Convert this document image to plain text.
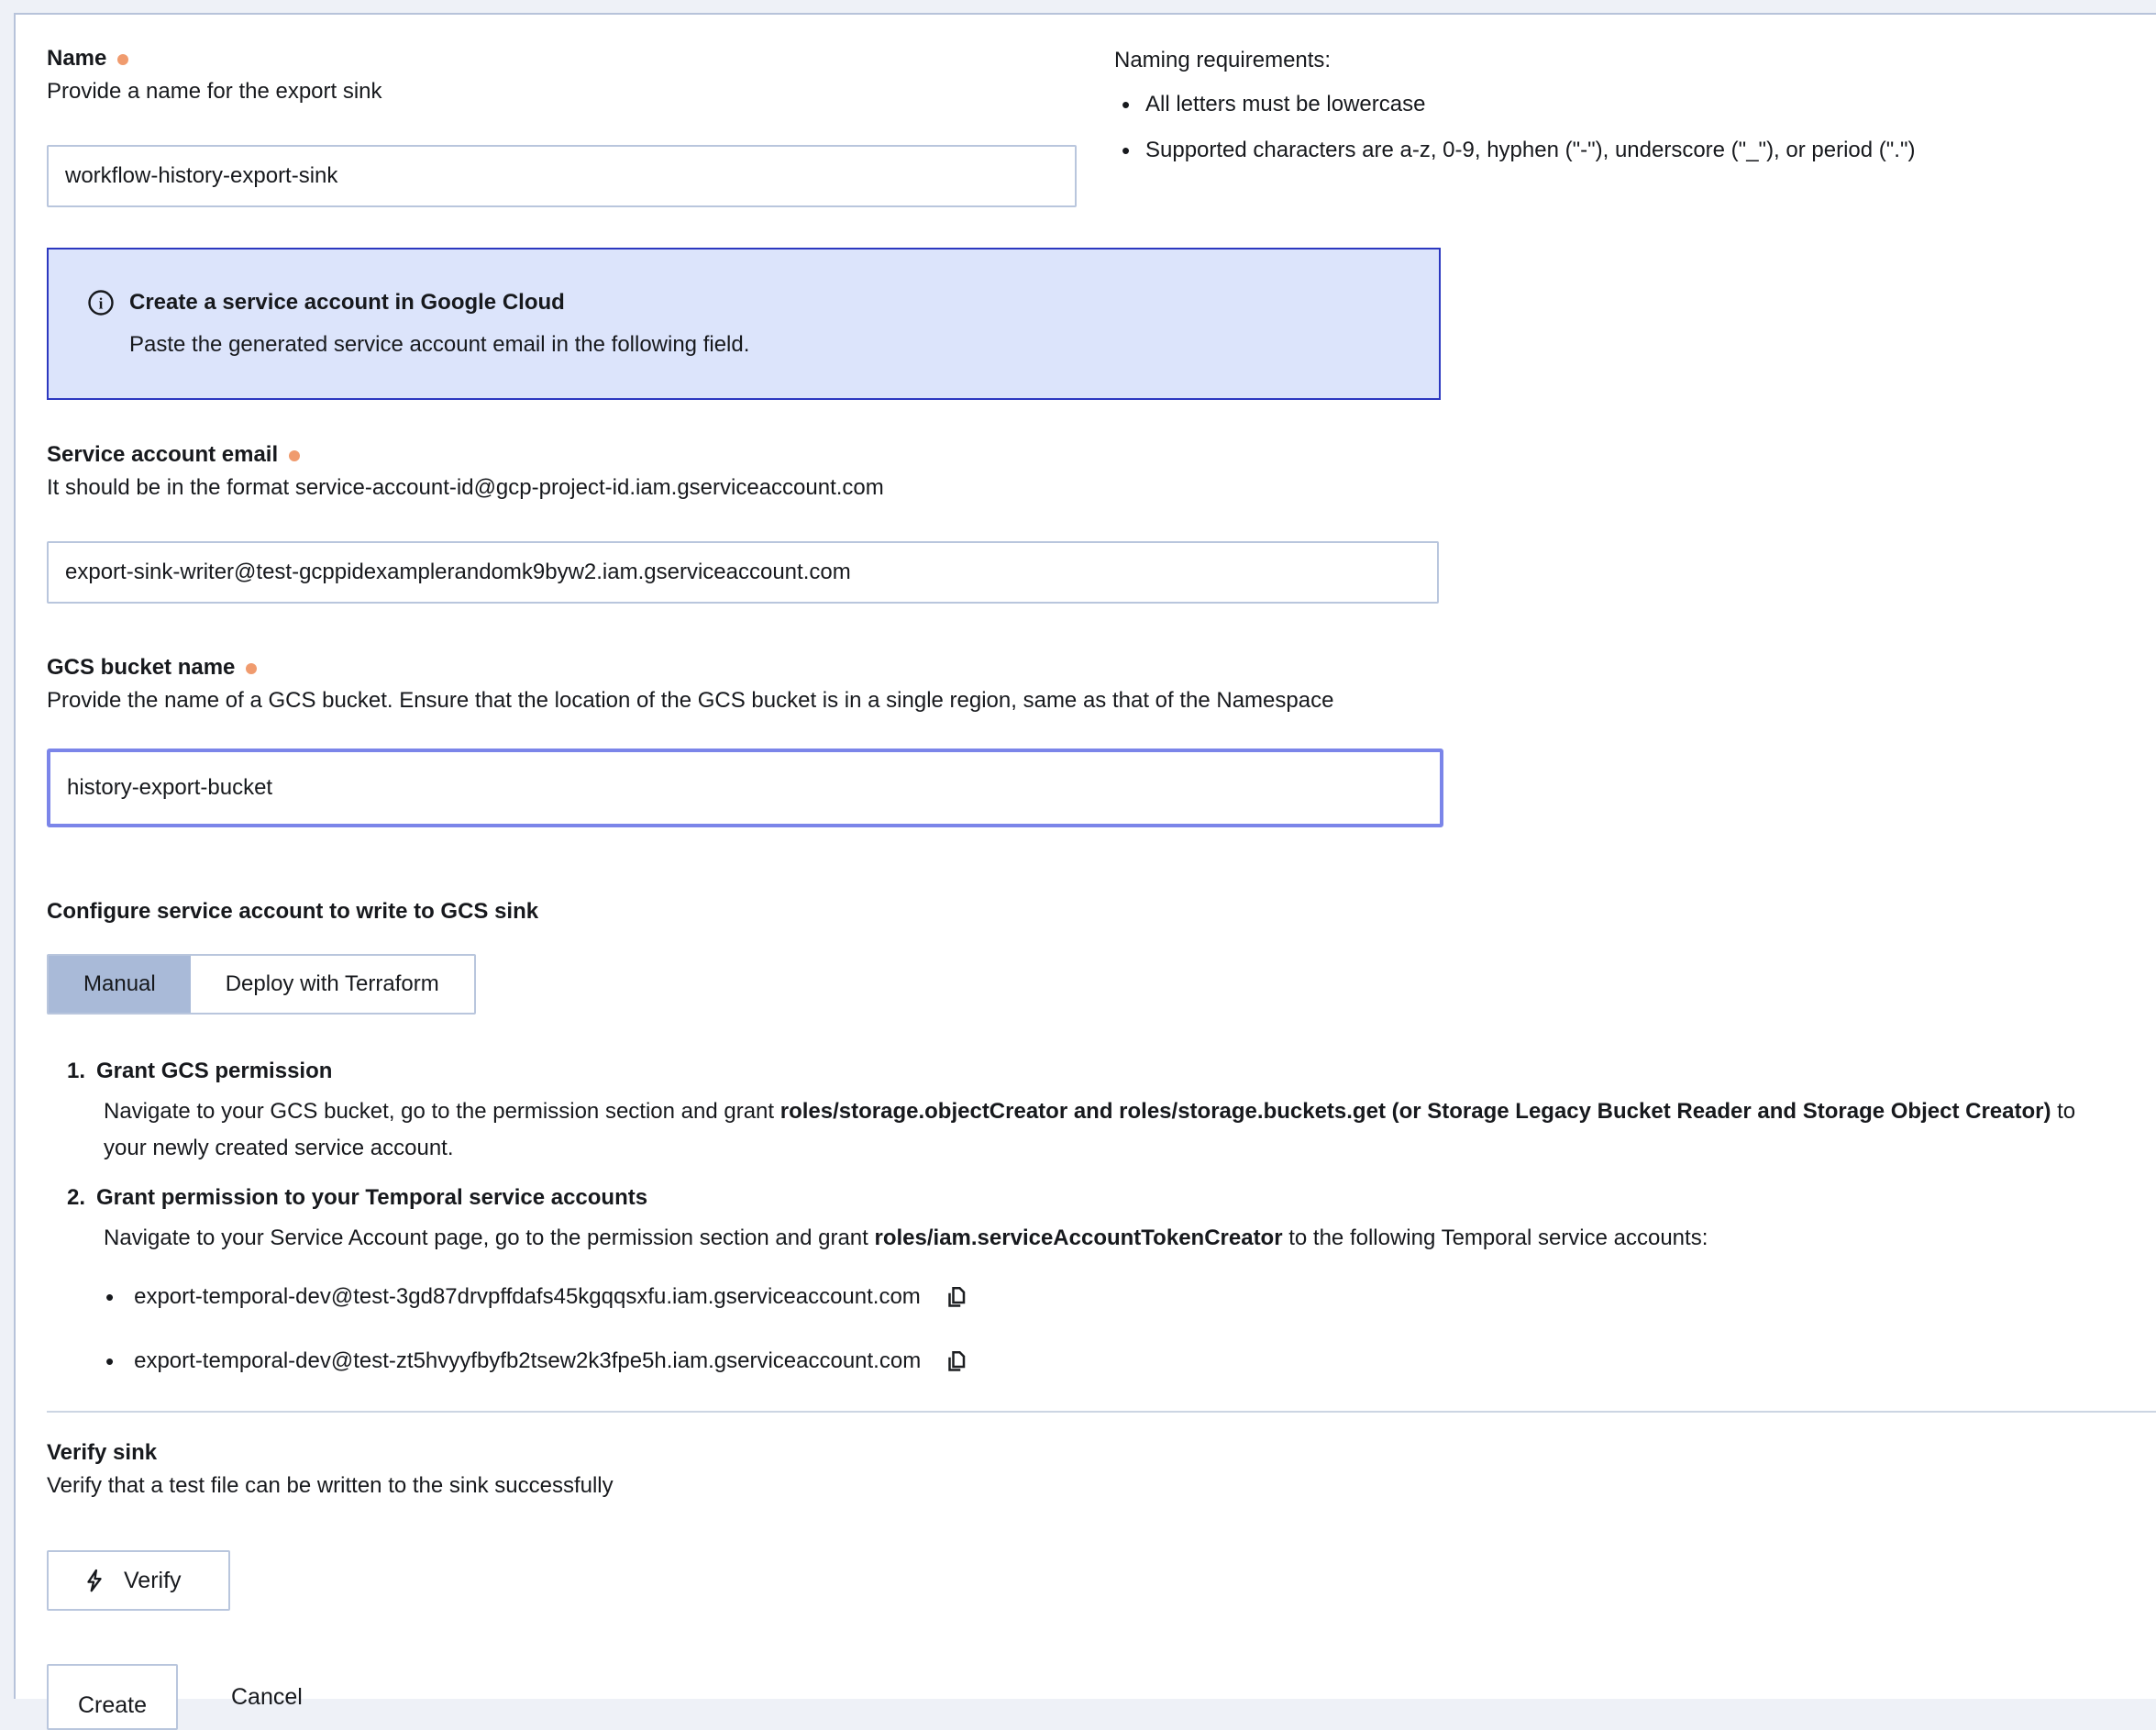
Name
Provide a name for the export sink
workflow-history-export-sink
Naming requirements:
• All letters must be lowercase
• Supported characters are a-z, 0-9, hyphen ("-"), underscore ("_"), or period (".")
i Create a service account in Google Cloud
Paste the generated service account email in the following field.
Service account email
It should be in the format service-account-id@gcp-project-id.iam.gserviceaccount.com
export-sink-writer@test-gcppidexamplerandomk9byw2.iam.gserviceaccount.com
GCS bucket name
Provide the name of a GCS bucket. Ensure that the location of the GCS bucket is in a single region, same as that of the Namespace
history-export-bucket
Configure service account to write to GCS sink
Manual	Deploy with Terraform
1. Grant GCS permission
Navigate to your GCS bucket, go to the permission section and grant roles/storage.objectCreator and roles/storage.buckets.get (or Storage Legacy Bucket Reader and Storage Object Creator) to your newly created service account.
2. Grant permission to your Temporal service accounts
Navigate to your Service Account page, go to the permission section and grant roles/iam.serviceAccountTokenCreator to the following Temporal service accounts:
• export-temporal-dev@test-3gd87drvpffdafs45kgqqsxfu.iam.gserviceaccount.com
• export-temporal-dev@test-zt5hvyyfbyfb2tsew2k3fpe5h.iam.gserviceaccount.com
Verify sink
Verify that a test file can be written to the sink successfully
Verify
Create	Cancel
